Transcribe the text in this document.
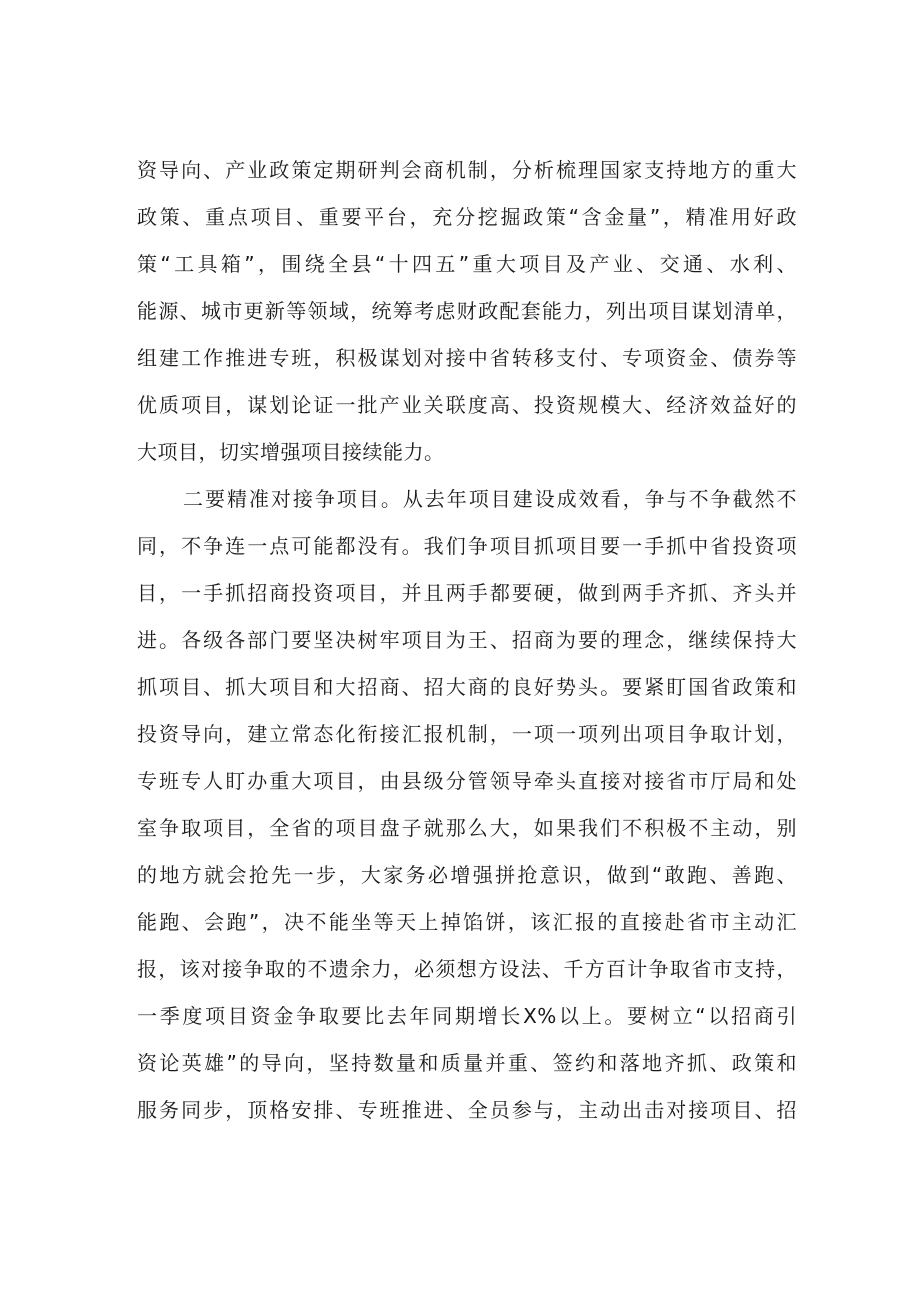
资导向、产业政策定期研判会商机制，分析梳理国家支持地方的重大
政策、重点项目、重要平台，充分挖掘政策“含金量”，精准用好政
策“工具箱”，围绕全县“十四五”重大项目及产业、交通、水利、
能源、城市更新等领域，统筹考虑财政配套能力，列出项目谋划清单，
组建工作推进专班，积极谋划对接中省转移支付、专项资金、债券等
优质项目，谋划论证一批产业关联度高、投资规模大、经济效益好的
大项目，切实增强项目接续能力。
二要精准对接争项目。从去年项目建设成效看，争与不争截然不
同，不争连一点可能都没有。我们争项目抓项目要一手抓中省投资项
目，一手抓招商投资项目，并且两手都要硬，做到两手齐抓、齐头并
进。各级各部门要坚决树牢项目为王、招商为要的理念，继续保持大
抓项目、抓大项目和大招商、招大商的良好势头。要紧盯国省政策和
投资导向，建立常态化衔接汇报机制，一项一项列出项目争取计划，
专班专人盯办重大项目，由县级分管领导牵头直接对接省市厅局和处
室争取项目，全省的项目盘子就那么大，如果我们不积极不主动，别
的地方就会抢先一步，大家务必增强拼抢意识，做到“敢跑、善跑、
能跑、会跑”，决不能坐等天上掉馅饼，该汇报的直接赴省市主动汇
报，该对接争取的不遗余力，必须想方设法、千方百计争取省市支持，
一季度项目资金争取要比去年同期增长X%以上。要树立“以招商引
资论英雄”的导向，坚持数量和质量并重、签约和落地齐抓、政策和
服务同步，顶格安排、专班推进、全员参与，主动出击对接项目、招
